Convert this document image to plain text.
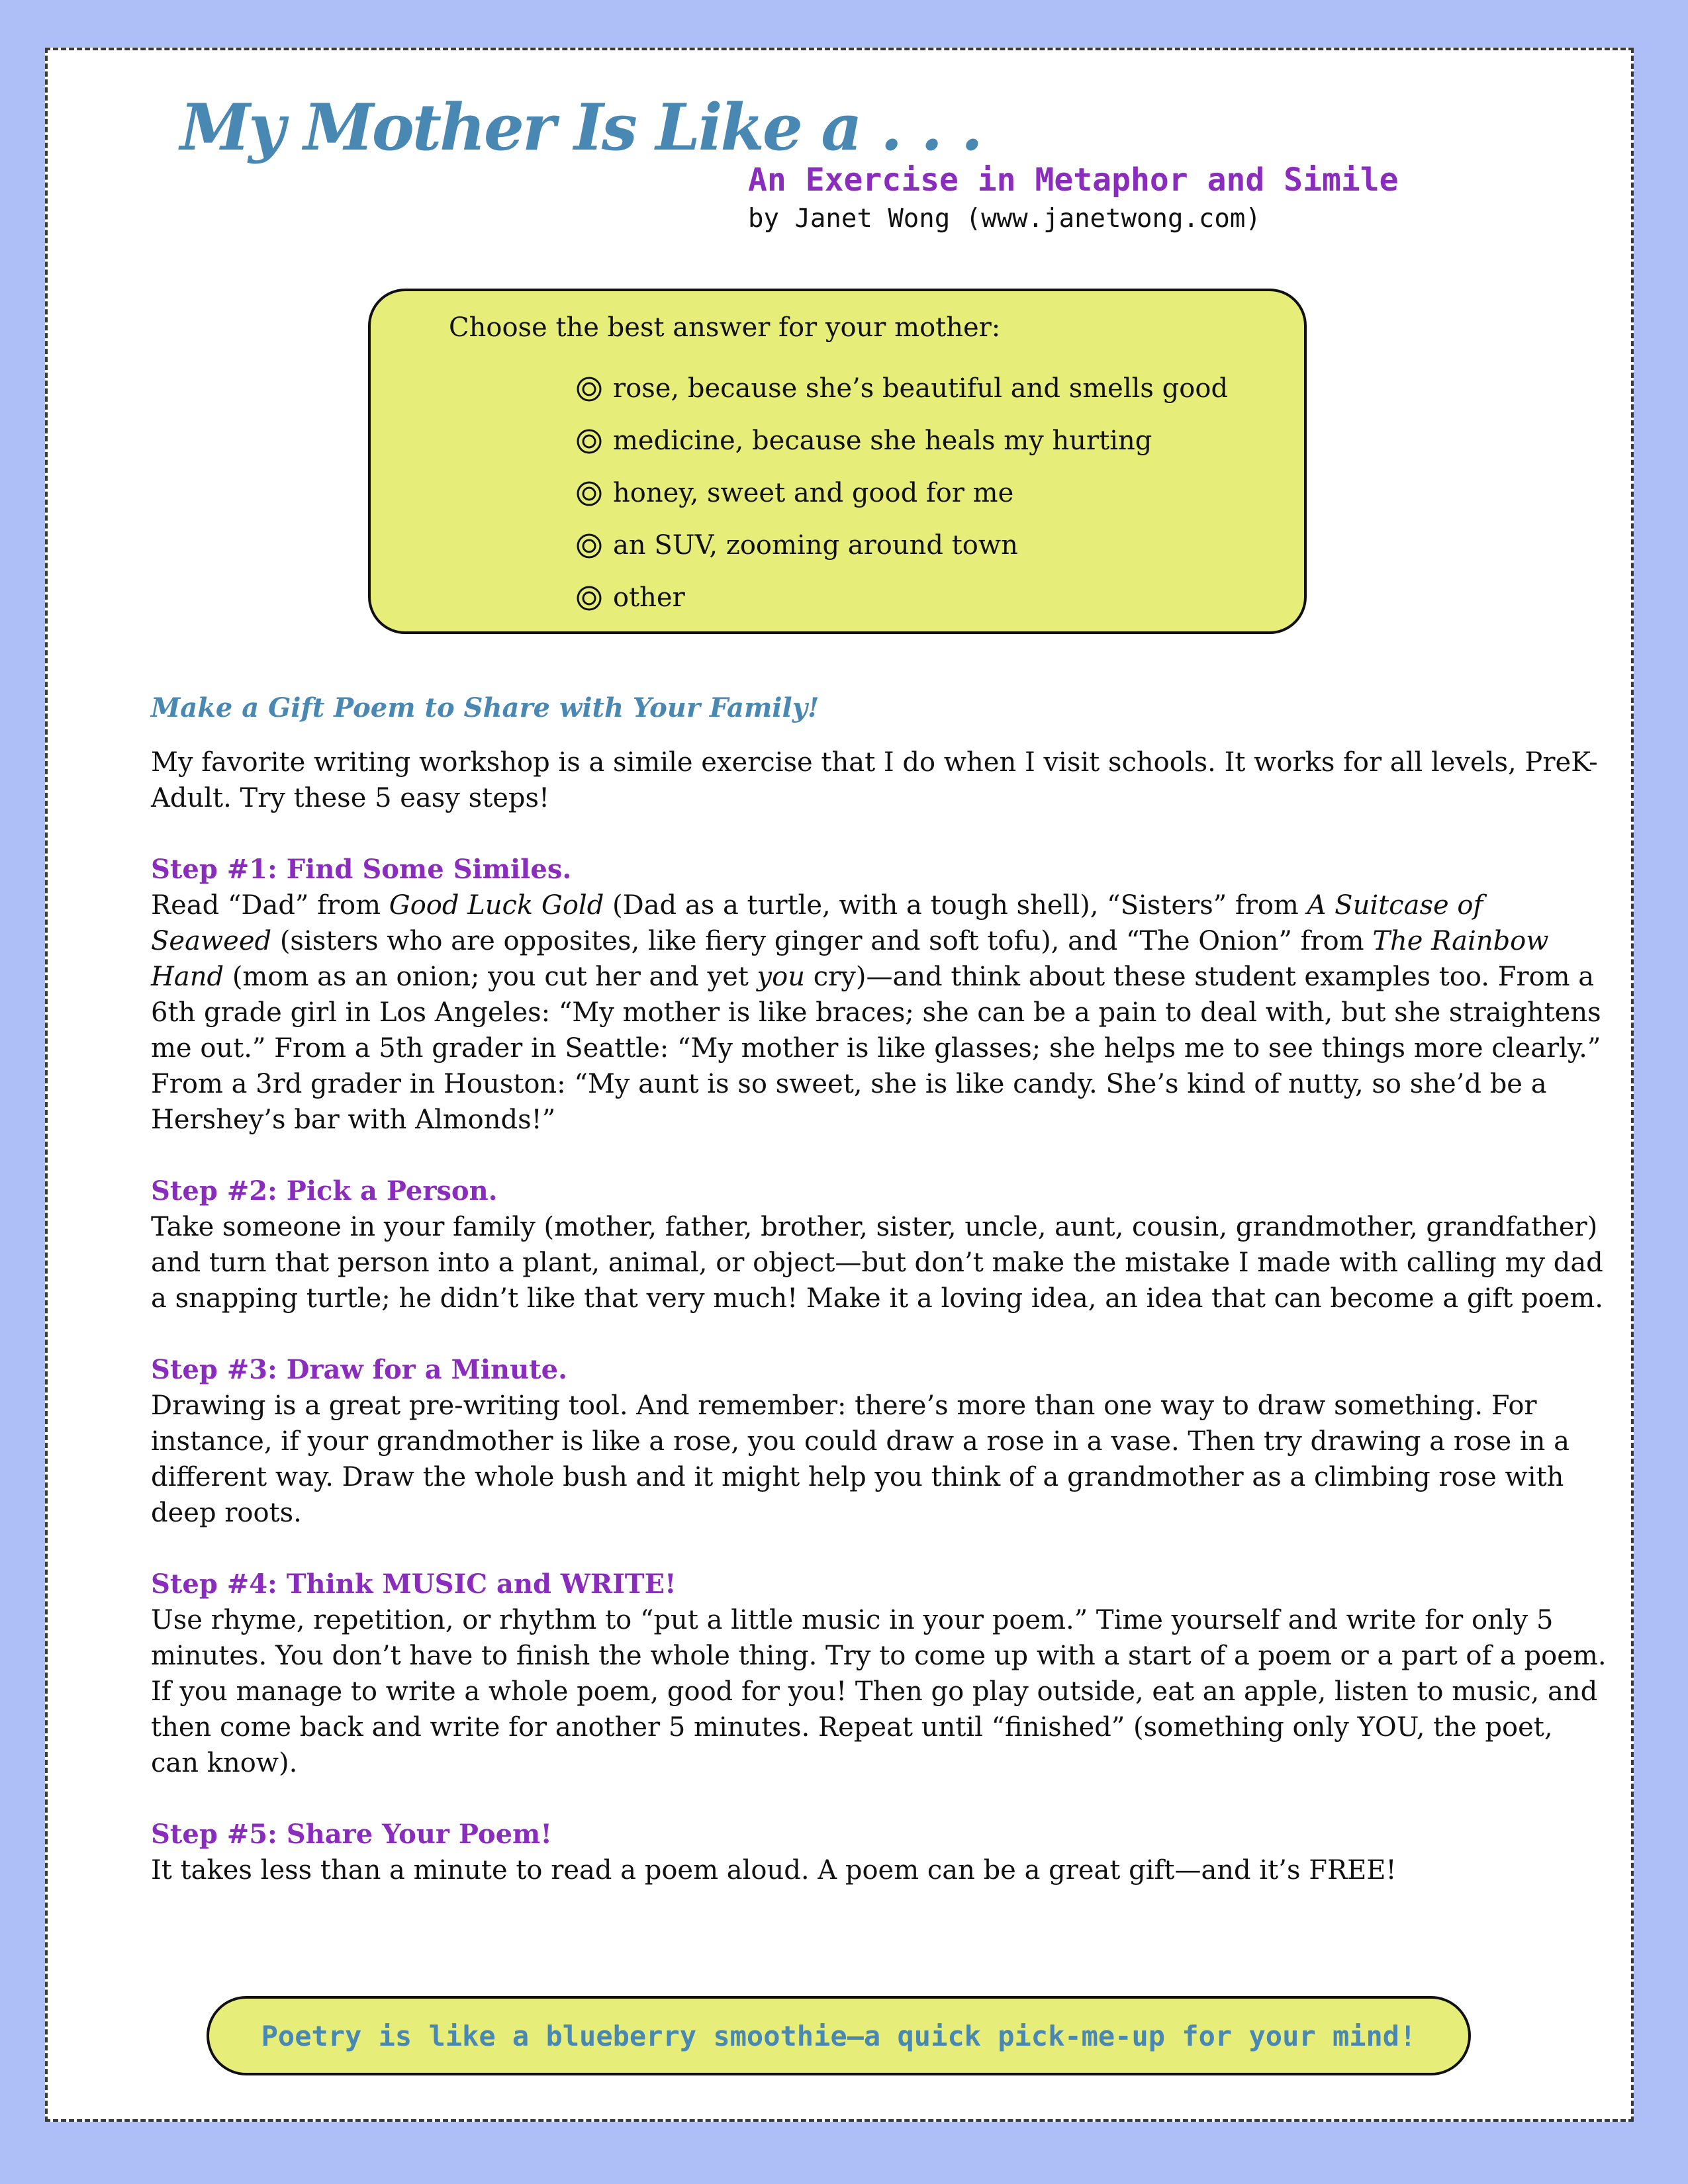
My Mother Is Like a . . .
An Exercise in Metaphor and Simile

by Janet Wong (www.janetwong.com)

Choose the best answer for your mother:

rose, because she’s beautiful and smells good
medicine, because she heals my hurting
honey, sweet and good for me
an SUV, zooming around town
other
Make a Gift Poem to Share with Your Family!

My favorite writing workshop is a simile exercise that I do when I visit schools. It works for all levels, PreK-Adult. Try these 5 easy steps!

Step #1: Find Some Similes.

Read “Dad” from Good Luck Gold (Dad as a turtle, with a tough shell), “Sisters” from A Suitcase of Seaweed (sisters who are opposites, like fiery ginger and soft tofu), and “The Onion” from The Rainbow Hand (mom as an onion; you cut her and yet you cry)—and think about these student examples too. From a 6th grade girl in Los Angeles: “My mother is like braces; she can be a pain to deal with, but she straightens me out.” From a 5th grader in Seattle: “My mother is like glasses; she helps me to see things more clearly.” From a 3rd grader in Houston: “My aunt is so sweet, she is like candy. She’s kind of nutty, so she’d be a Hershey’s bar with Almonds!”

Step #2: Pick a Person.

Take someone in your family (mother, father, brother, sister, uncle, aunt, cousin, grandmother, grandfather) and turn that person into a plant, animal, or object—but don’t make the mistake I made with calling my dad a snapping turtle; he didn’t like that very much! Make it a loving idea, an idea that can become a gift poem.

Step #3: Draw for a Minute.

Drawing is a great pre-writing tool. And remember: there’s more than one way to draw something. For instance, if your grandmother is like a rose, you could draw a rose in a vase. Then try drawing a rose in a different way. Draw the whole bush and it might help you think of a grandmother as a climbing rose with deep roots.

Step #4: Think MUSIC and WRITE!

Use rhyme, repetition, or rhythm to “put a little music in your poem.” Time yourself and write for only 5 minutes. You don’t have to finish the whole thing. Try to come up with a start of a poem or a part of a poem. If you manage to write a whole poem, good for you! Then go play outside, eat an apple, listen to music, and then come back and write for another 5 minutes. Repeat until “finished” (something only YOU, the poet, can know).

Step #5: Share Your Poem!

It takes less than a minute to read a poem aloud. A poem can be a great gift—and it’s FREE!

Poetry is like a blueberry smoothie—a quick pick-me-up for your mind!
